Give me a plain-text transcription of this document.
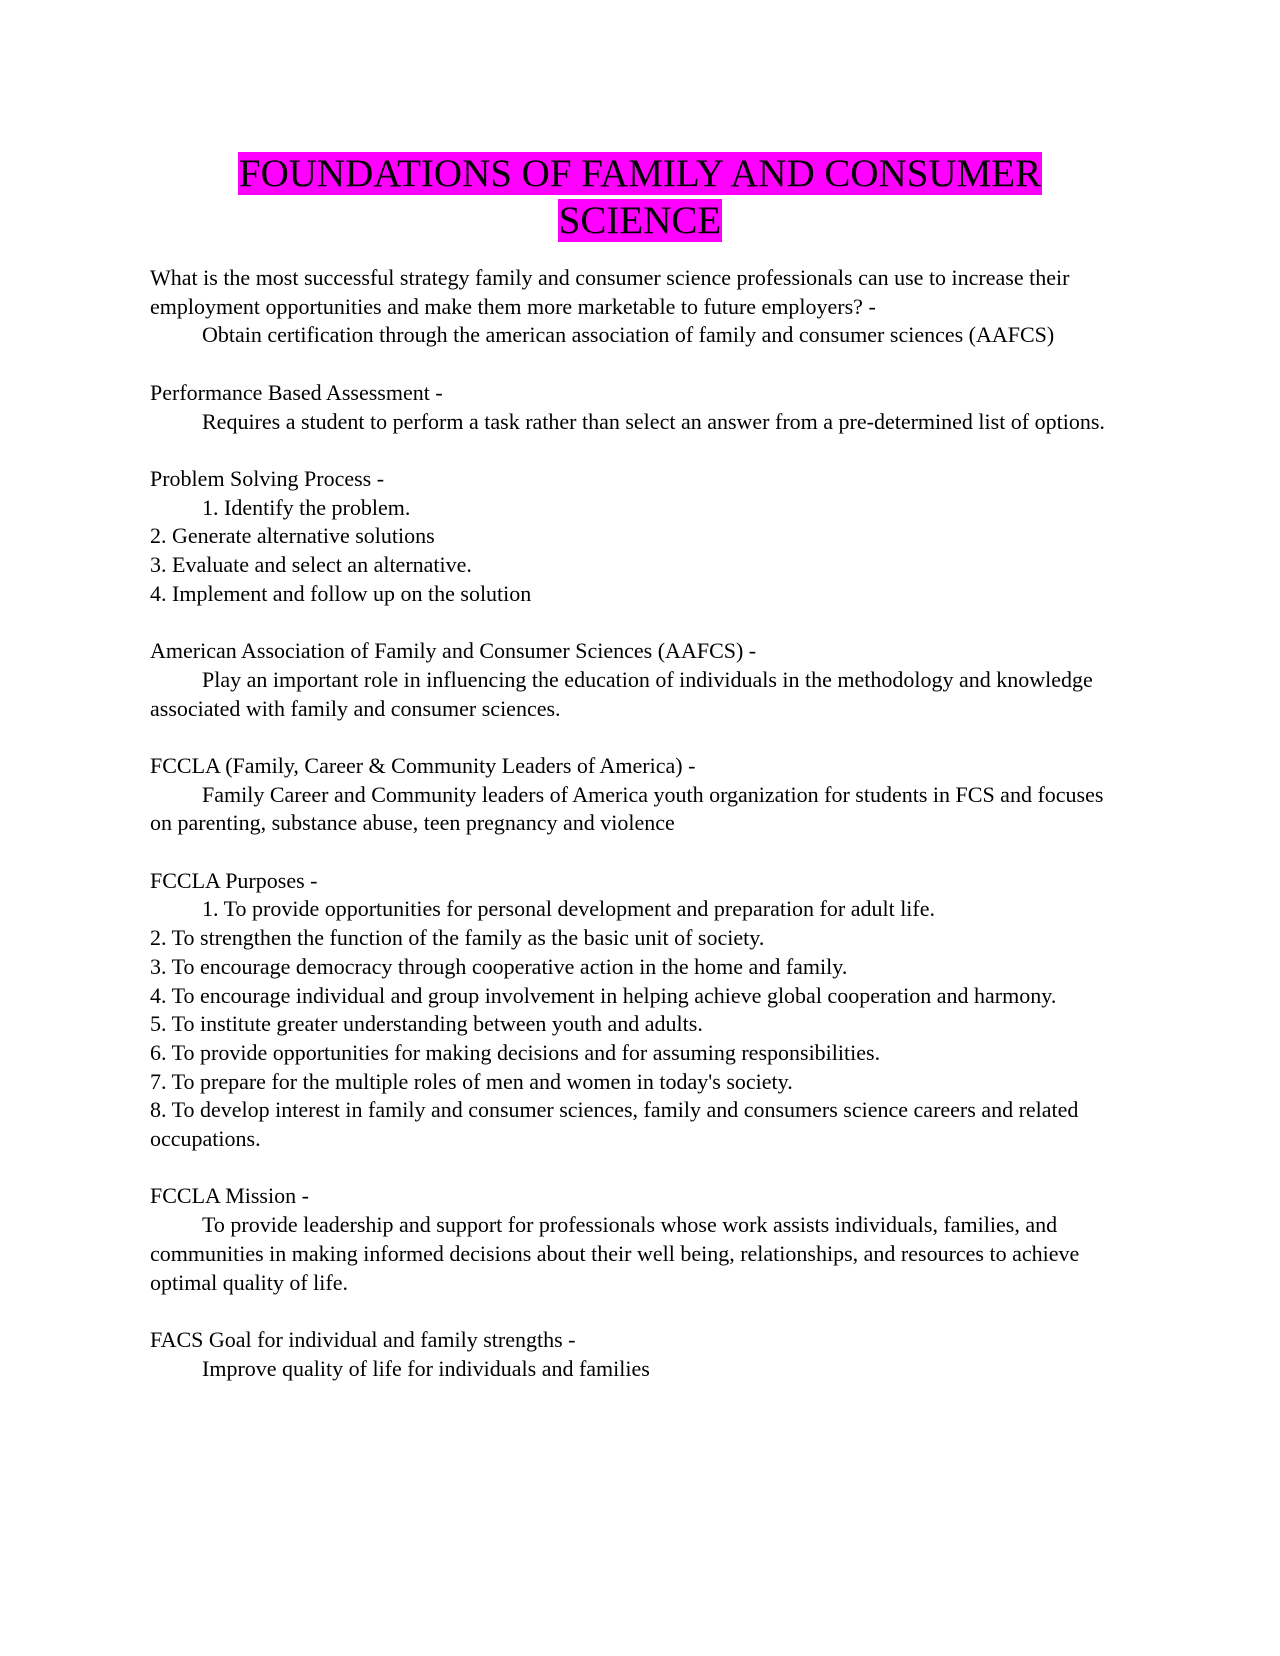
FOUNDATIONS OF FAMILY AND CONSUMER
SCIENCE
What is the most successful strategy family and consumer science professionals can use to increase their employment opportunities and make them more marketable to future employers? -
Obtain certification through the american association of family and consumer sciences (AAFCS)
Performance Based Assessment -
Requires a student to perform a task rather than select an answer from a pre-determined list of options.
Problem Solving Process -
1. Identify the problem.
2. Generate alternative solutions
3. Evaluate and select an alternative.
4. Implement and follow up on the solution
American Association of Family and Consumer Sciences (AAFCS) -
Play an important role in influencing the education of individuals in the methodology and knowledge associated with family and consumer sciences.
FCCLA (Family, Career & Community Leaders of America) -
Family Career and Community leaders of America youth organization for students in FCS and focuses on parenting, substance abuse, teen pregnancy and violence
FCCLA Purposes -
1. To provide opportunities for personal development and preparation for adult life.
2. To strengthen the function of the family as the basic unit of society.
3. To encourage democracy through cooperative action in the home and family.
4. To encourage individual and group involvement in helping achieve global cooperation and harmony.
5. To institute greater understanding between youth and adults.
6. To provide opportunities for making decisions and for assuming responsibilities.
7. To prepare for the multiple roles of men and women in today's society.
8. To develop interest in family and consumer sciences, family and consumers science careers and related occupations.
FCCLA Mission -
To provide leadership and support for professionals whose work assists individuals, families, and communities in making informed decisions about their well being, relationships, and resources to achieve optimal quality of life.
FACS Goal for individual and family strengths -
Improve quality of life for individuals and families
